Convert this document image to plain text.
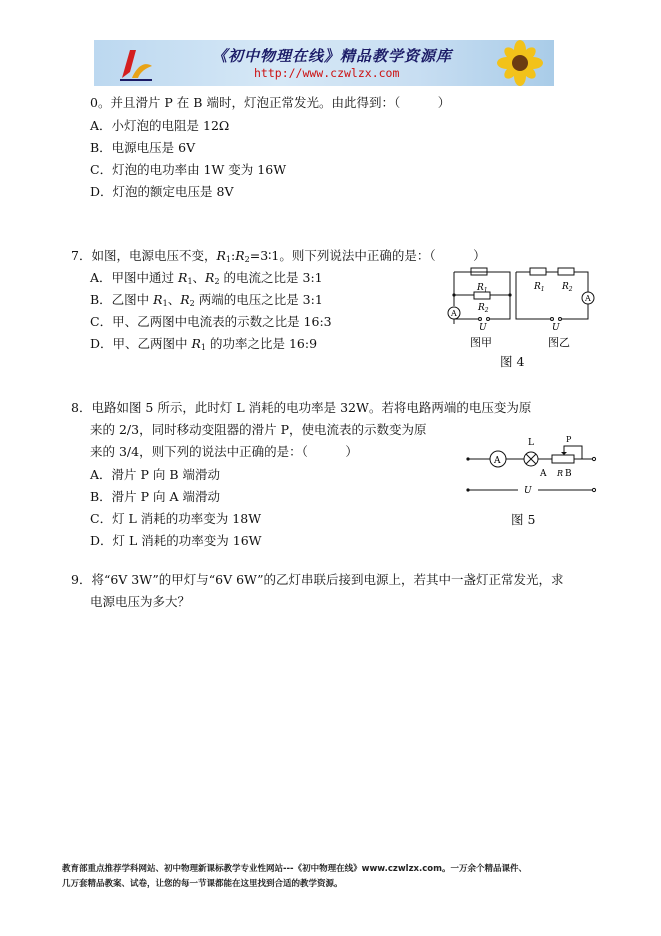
《初中物理在线》精品教学资源库
http://www.czwlzx.com
0。并且滑片 P 在 B 端时，灯泡正常发光。由此得到：（　　　）
A．小灯泡的电阻是 12Ω
B．电源电压是 6V
C．灯泡的电功率由 1W 变为 16W
D．灯泡的额定电压是 8V
7．如图，电源电压不变，$R_1:R_2=3∶1$。则下列说法中正确的是：（　　　）
A．甲图中通过 $R_1$、$R_2$ 的电流之比是 3:1
B．乙图中 $R_1$、$R_2$ 两端的电压之比是 3:1
C．甲、乙两图中电流表的示数之比是 16:3
D．甲、乙两图中 $R_1$ 的功率之比是 16:9
A
A
$R_1$
$R_2$
$R_1$ $R_2$
U	U
图甲	图乙
图 4
8．电路如图 5 所示，此时灯 L 消耗的电功率是 32W。若将电路两端的电压变为原
来的 2/3，同时移动变阻器的滑片 P，使电流表的示数变为原
来的 3/4，则下列的说法中正确的是：（　　　）
A．滑片 P 向 B 端滑动
B．滑片 P 向 A 端滑动
C．灯 L 消耗的功率变为 18W
D．灯 L 消耗的功率变为 16W
A
L	P
A R B
U
图 5
9．将“6V 3W”的甲灯与“6V 6W”的乙灯串联后接到电源上，若其中一盏灯正常发光，求
电源电压为多大？
教育部重点推荐学科网站、初中物理新课标教学专业性网站---《初中物理在线》www.czwlzx.com。一万余个精品课件、
几万套精品教案、试卷，让您的每一节课都能在这里找到合适的教学资源。
